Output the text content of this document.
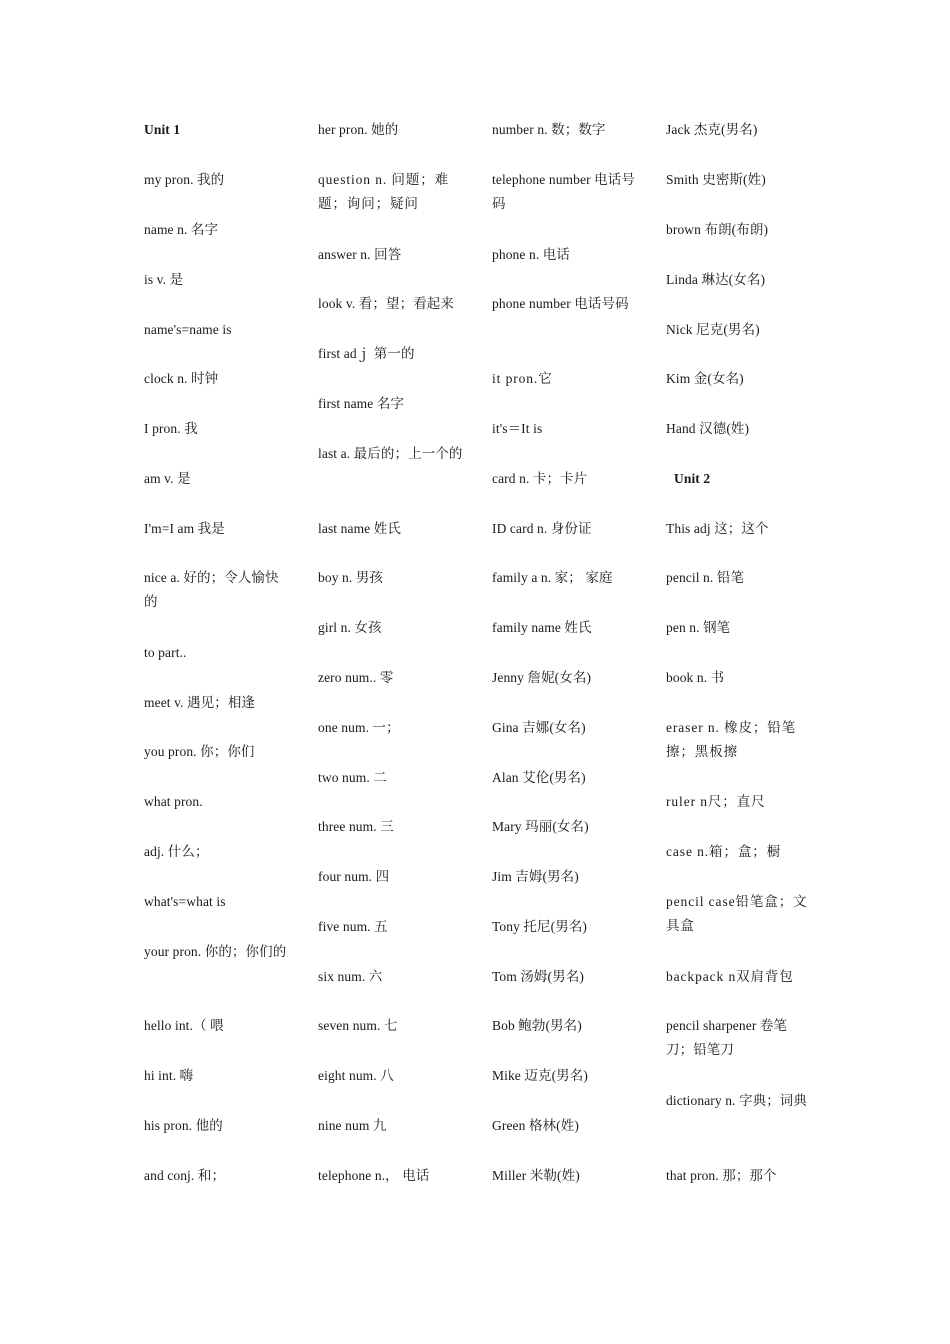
Unit 1
my pron. 我的
name n. 名字
is v. 是
name's=name is
clock n. 时钟
I pron. 我
am v. 是
I'm=I am 我是
nice a. 好的；令人愉快的
to part..
meet v. 遇见；相逢
you pron. 你；你们
what pron.
adj. 什么；
what's=what is
your pron. 你的；你们的
hello int.（ 喂
hi int. 嗨
his pron. 他的
and conj. 和；
her pron. 她的
question n. 问题；难题；询问；疑问
answer n. 回答
look v. 看；望；看起来
first adｊ 第一的
first name 名字
last a. 最后的；上一个的
last name 姓氏
boy n. 男孩
girl n. 女孩
zero num.. 零
one num. 一；
two num. 二
three num. 三
four num. 四
five num. 五
six num. 六
seven num. 七
eight num. 八
nine num 九
telephone n.， 电话
number n. 数；数字
telephone number 电话号码
phone n. 电话
phone number 电话号码
it pron.它
it's＝It is
card n. 卡；卡片
ID card n. 身份证
family a n. 家； 家庭
family name 姓氏
Jenny 詹妮(女名)
Gina 吉娜(女名)
Alan 艾伦(男名)
Mary 玛丽(女名)
Jim 吉姆(男名)
Tony 托尼(男名)
Tom 汤姆(男名)
Bob 鲍勃(男名)
Mike 迈克(男名)
Green 格林(姓)
Miller 米勒(姓)
Jack 杰克(男名)
Smith 史密斯(姓)
brown 布朗(布朗)
Linda 琳达(女名)
Nick 尼克(男名)
Kim 金(女名)
Hand 汉德(姓)
Unit 2
This adj 这；这个
pencil n. 铅笔
pen n. 钢笔
book n. 书
eraser n. 橡皮；铅笔擦；黑板擦
ruler n尺；直尺
case n.箱；盒；橱
pencil case铅笔盒；文具盒
backpack n双肩背包
pencil sharpener 卷笔刀；铅笔刀
dictionary n. 字典；词典
that pron. 那；那个
